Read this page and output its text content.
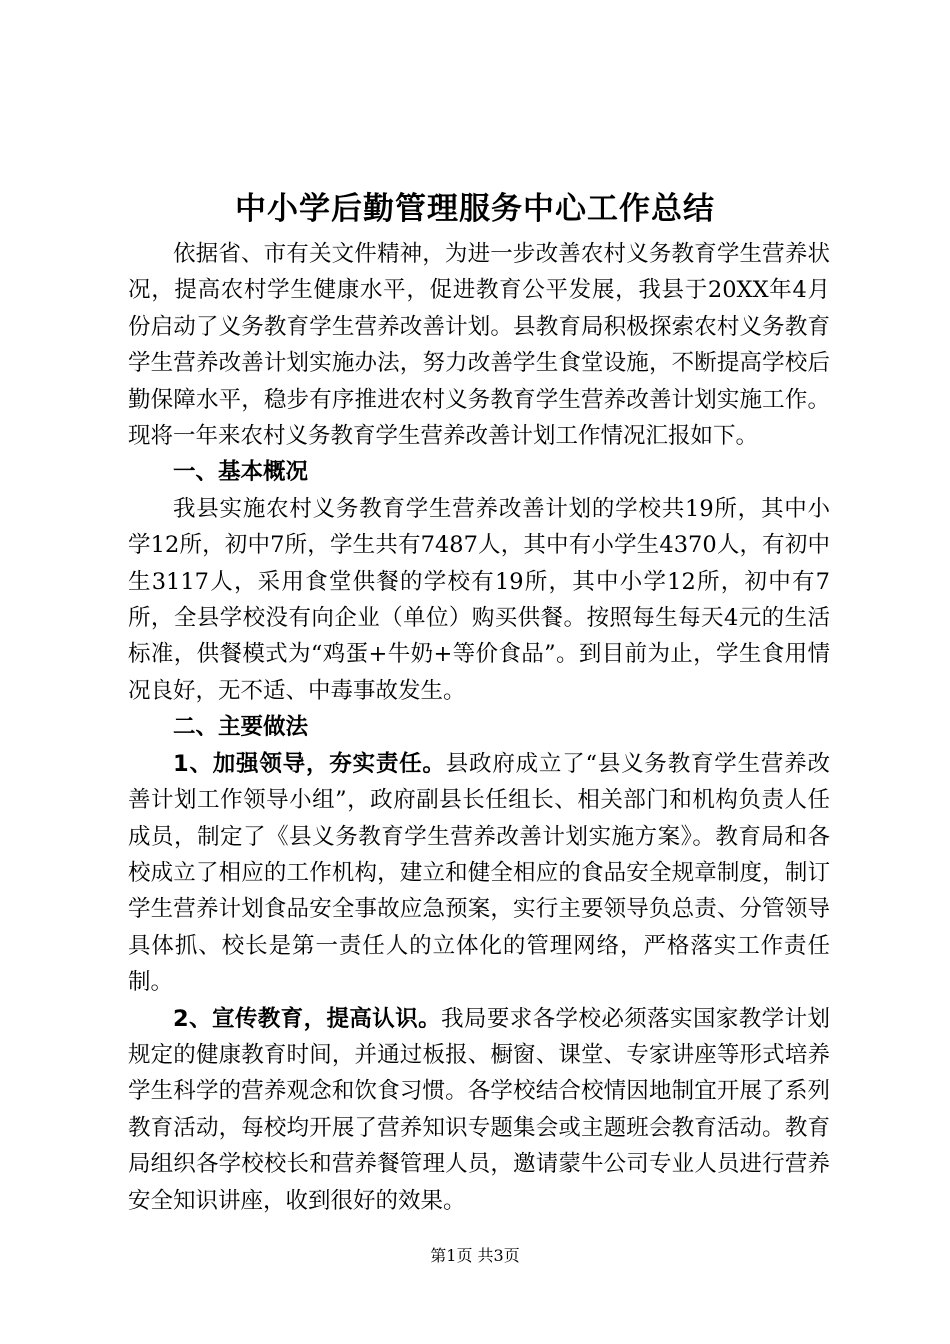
中小学后勤管理服务中心工作总结

依据省、市有关文件精神，为进一步改善农村义务教育学生营养状况，提高农村学生健康水平，促进教育公平发展，我县于20XX年4月份启动了义务教育学生营养改善计划。县教育局积极探索农村义务教育学生营养改善计划实施办法，努力改善学生食堂设施，不断提高学校后勤保障水平，稳步有序推进农村义务教育学生营养改善计划实施工作。现将一年来农村义务教育学生营养改善计划工作情况汇报如下。

一、基本概况

我县实施农村义务教育学生营养改善计划的学校共19所，其中小学12所，初中7所，学生共有7487人，其中有小学生4370人，有初中生3117人，采用食堂供餐的学校有19所，其中小学12所，初中有7所，全县学校没有向企业（单位）购买供餐。按照每生每天4元的生活标准，供餐模式为“鸡蛋+牛奶+等价食品”。到目前为止，学生食用情况良好，无不适、中毒事故发生。

二、主要做法

1、加强领导，夯实责任。县政府成立了“县义务教育学生营养改善计划工作领导小组”，政府副县长任组长、相关部门和机构负责人任成员，制定了《县义务教育学生营养改善计划实施方案》。教育局和各校成立了相应的工作机构，建立和健全相应的食品安全规章制度，制订学生营养计划食品安全事故应急预案，实行主要领导负总责、分管领导具体抓、校长是第一责任人的立体化的管理网络，严格落实工作责任制。

2、宣传教育，提高认识。我局要求各学校必须落实国家教学计划规定的健康教育时间，并通过板报、橱窗、课堂、专家讲座等形式培养学生科学的营养观念和饮食习惯。各学校结合校情因地制宜开展了系列教育活动，每校均开展了营养知识专题集会或主题班会教育活动。教育局组织各学校校长和营养餐管理人员，邀请蒙牛公司专业人员进行营养安全知识讲座，收到很好的效果。

第1页 共3页
